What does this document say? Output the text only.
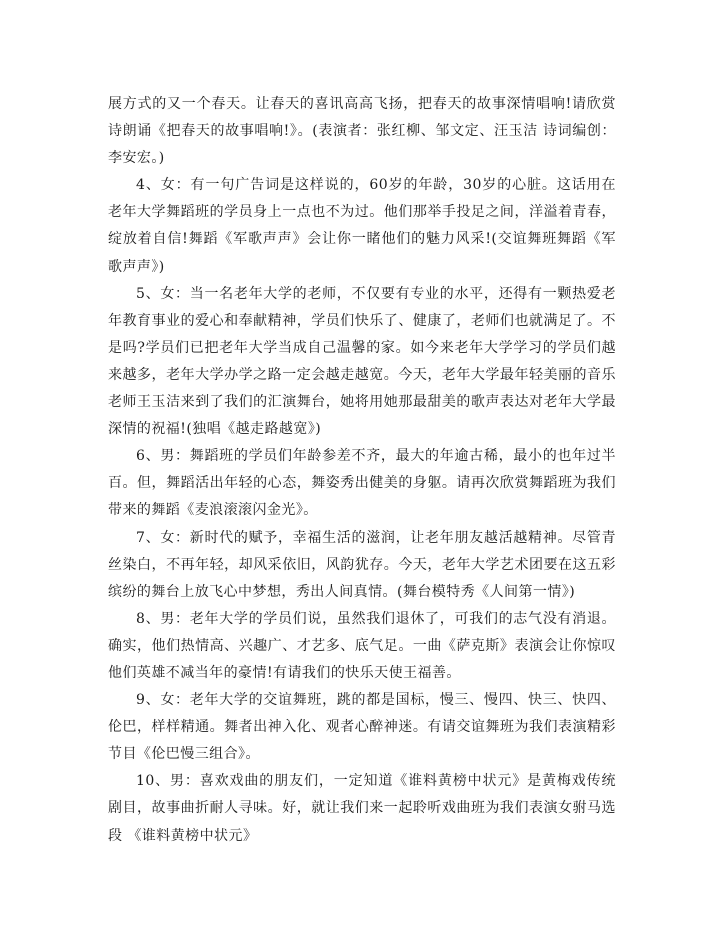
展方式的又一个春天。让春天的喜讯高高飞扬，把春天的故事深情唱响!请欣赏诗朗诵《把春天的故事唱响!》。(表演者：张红柳、邹文定、汪玉洁 诗词编创：李安宏。)

4、女：有一句广告词是这样说的，60岁的年龄，30岁的心脏。这话用在老年大学舞蹈班的学员身上一点也不为过。他们那举手投足之间，洋溢着青春，绽放着自信!舞蹈《军歌声声》会让你一睹他们的魅力风采!(交谊舞班舞蹈《军歌声声》)

5、女：当一名老年大学的老师，不仅要有专业的水平，还得有一颗热爱老年教育事业的爱心和奉献精神，学员们快乐了、健康了，老师们也就满足了。不是吗?学员们已把老年大学当成自己温馨的家。如今来老年大学学习的学员们越来越多，老年大学办学之路一定会越走越宽。今天，老年大学最年轻美丽的音乐老师王玉洁来到了我们的汇演舞台，她将用她那最甜美的歌声表达对老年大学最深情的祝福!(独唱《越走路越宽》)

6、男：舞蹈班的学员们年龄参差不齐，最大的年逾古稀，最小的也年过半百。但，舞蹈活出年轻的心态，舞姿秀出健美的身躯。请再次欣赏舞蹈班为我们带来的舞蹈《麦浪滚滚闪金光》。

7、女：新时代的赋予，幸福生活的滋润，让老年朋友越活越精神。尽管青丝染白，不再年轻，却风采依旧，风韵犹存。今天，老年大学艺术团要在这五彩缤纷的舞台上放飞心中梦想，秀出人间真情。(舞台模特秀《人间第一情》)

8、男：老年大学的学员们说，虽然我们退休了，可我们的志气没有消退。确实，他们热情高、兴趣广、才艺多、底气足。一曲《萨克斯》表演会让你惊叹他们英雄不减当年的豪情!有请我们的快乐天使王福善。

9、女：老年大学的交谊舞班，跳的都是国标，慢三、慢四、快三、快四、伦巴，样样精通。舞者出神入化、观者心醉神迷。有请交谊舞班为我们表演精彩节目《伦巴慢三组合》。

10、男：喜欢戏曲的朋友们，一定知道《谁料黄榜中状元》是黄梅戏传统剧目，故事曲折耐人寻味。好，就让我们来一起聆听戏曲班为我们表演女驸马选段 《谁料黄榜中状元》
